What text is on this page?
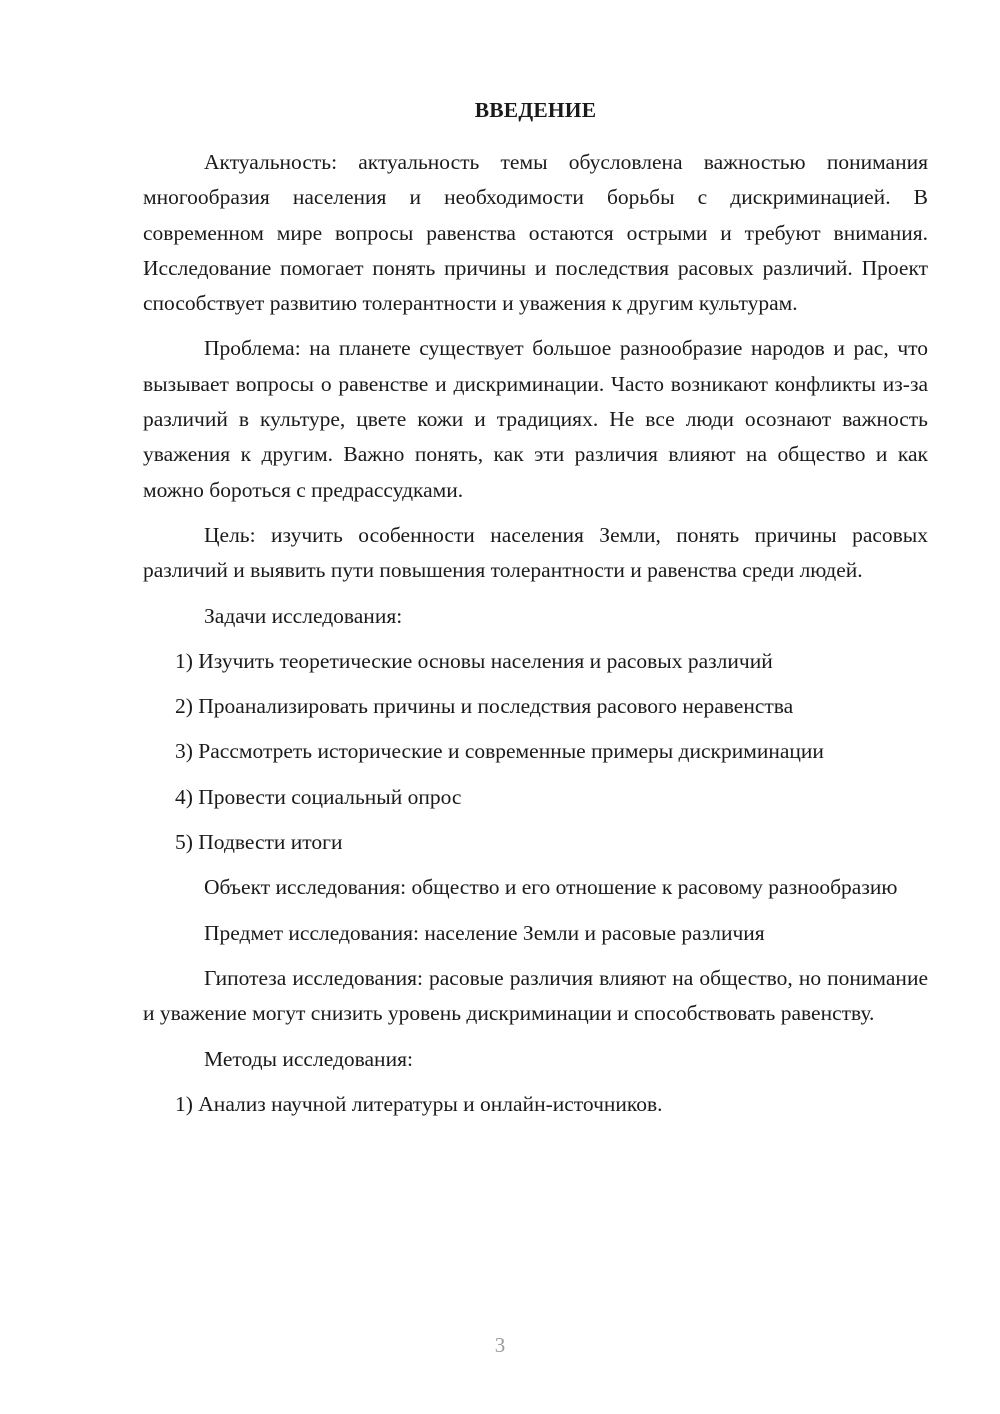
ВВЕДЕНИЕ

Актуальность: актуальность темы обусловлена важностью понимания многообразия населения и необходимости борьбы с дискриминацией. В современном мире вопросы равенства остаются острыми и требуют внимания. Исследование помогает понять причины и последствия расовых различий. Проект способствует развитию толерантности и уважения к другим культурам.

Проблема: на планете существует большое разнообразие народов и рас, что вызывает вопросы о равенстве и дискриминации. Часто возникают конфликты из-за различий в культуре, цвете кожи и традициях. Не все люди осознают важность уважения к другим. Важно понять, как эти различия влияют на общество и как можно бороться с предрассудками.

Цель: изучить особенности населения Земли, понять причины расовых различий и выявить пути повышения толерантности и равенства среди людей.

Задачи исследования:

1) Изучить теоретические основы населения и расовых различий
2) Проанализировать причины и последствия расового неравенства
3) Рассмотреть исторические и современные примеры дискриминации
4) Провести социальный опрос
5) Подвести итоги

Объект исследования: общество и его отношение к расовому разнообразию

Предмет исследования: население Земли и расовые различия

Гипотеза исследования: расовые различия влияют на общество, но понимание и уважение могут снизить уровень дискриминации и способствовать равенству.

Методы исследования:

1) Анализ научной литературы и онлайн-источников.
3
